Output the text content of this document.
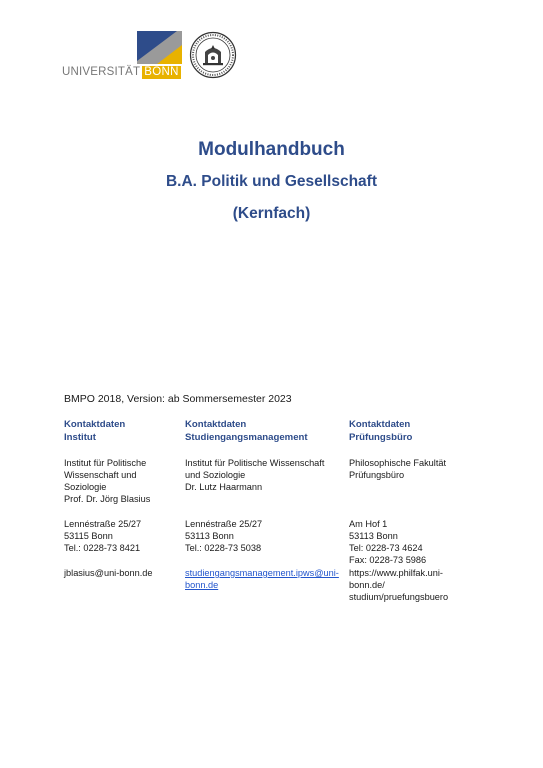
UNIVERSITÄT BONN
Modulhandbuch
B.A. Politik und Gesellschaft
(Kernfach)
BMPO 2018, Version: ab Sommersemester 2023
Kontaktdaten
Institut
Institut für Politische
Wissenschaft und
Soziologie
Prof. Dr. Jörg Blasius
Lennéstraße 25/27
53115 Bonn
Tel.: 0228-73 8421
jblasius@uni-bonn.de
Kontaktdaten
Studiengangsmanagement
Institut für Politische Wissenschaft
und Soziologie
Dr. Lutz Haarmann

Lennéstraße 25/27
53113 Bonn
Tel.: 0228-73 5038
studiengangsmanagement.ipws@uni-
bonn.de
Kontaktdaten
Prüfungsbüro
Philosophische Fakultät
Prüfungsbüro

Am Hof 1
53113 Bonn
Tel: 0228-73 4624
Fax: 0228-73 5986
https://www.philfak.uni-
bonn.de/
studium/pruefungsbuero
